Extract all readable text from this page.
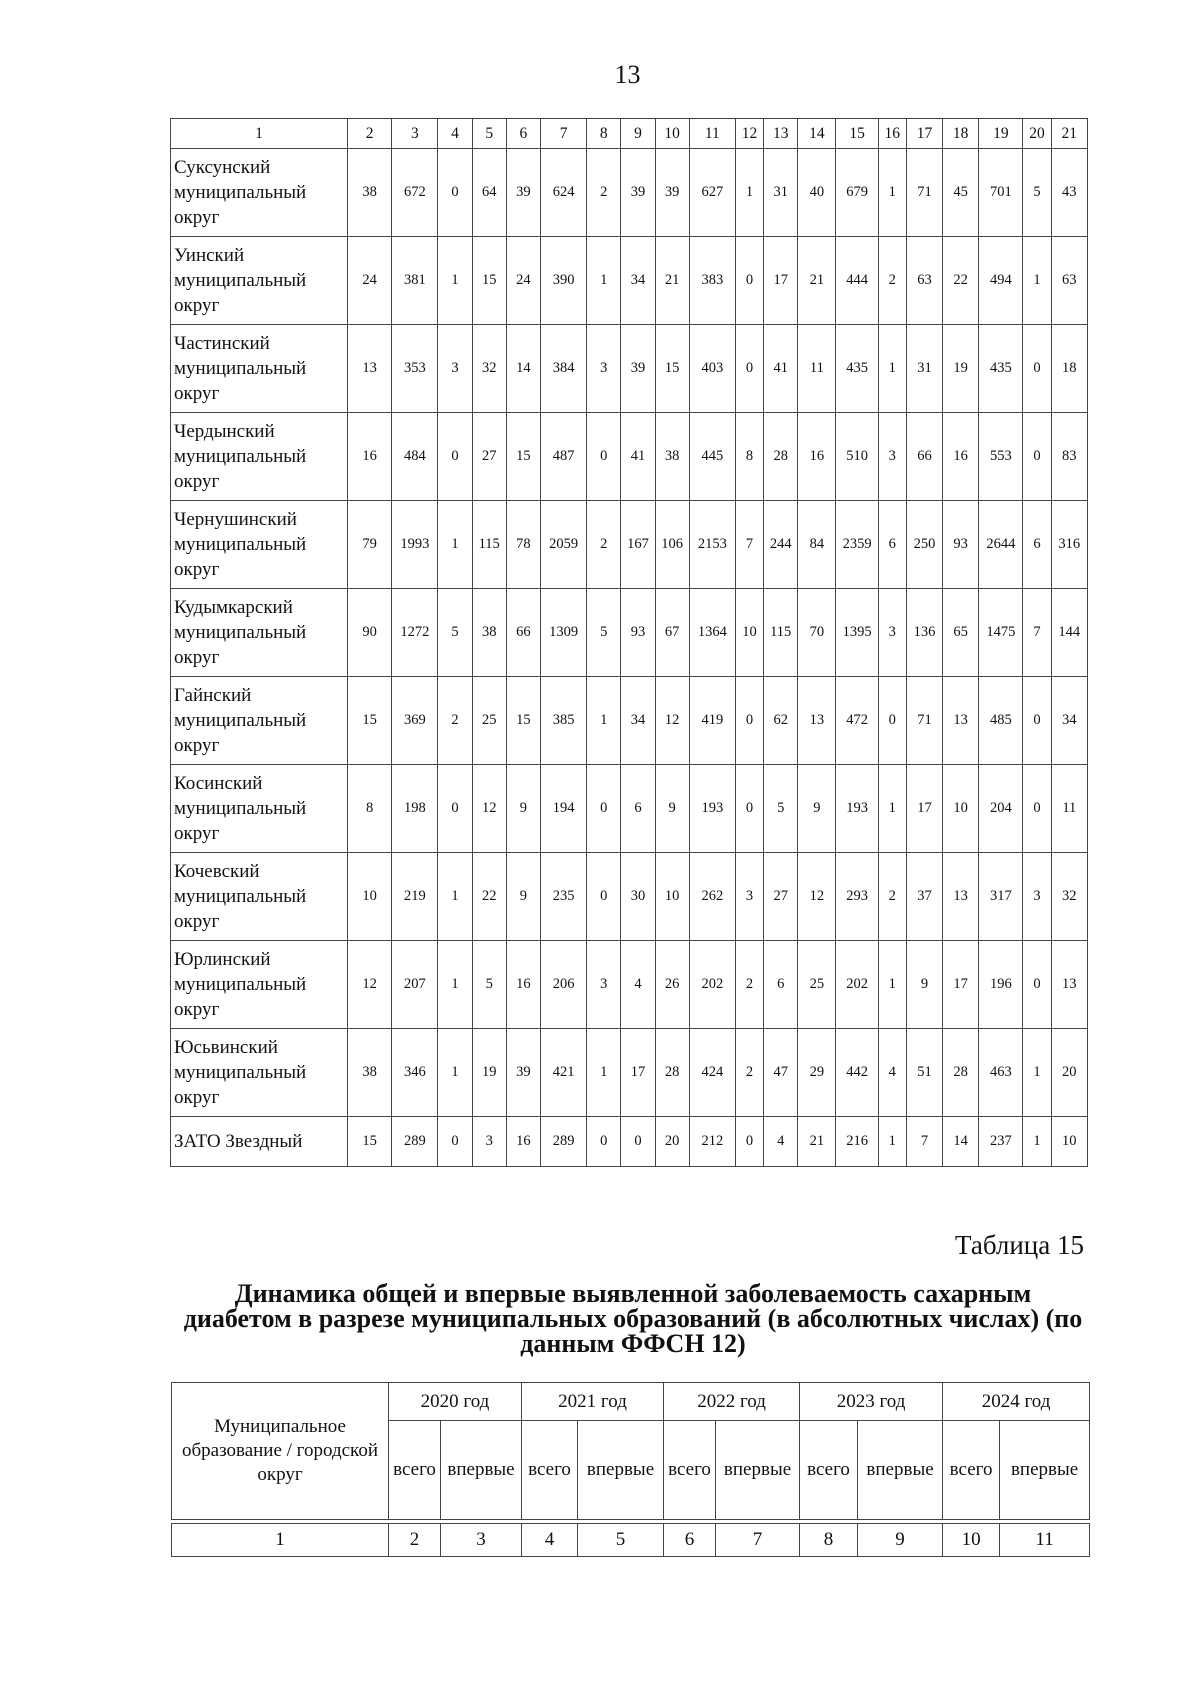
13
1	2	3	4	5	6	7	8	9	10	11	12	13	14	15	16	17	18	19	20	21
Суксунский муниципальный округ	38	672	0	64	39	624	2	39	39	627	1	31	40	679	1	71	45	701	5	43
Уинский муниципальный округ	24	381	1	15	24	390	1	34	21	383	0	17	21	444	2	63	22	494	1	63
Частинский муниципальный округ	13	353	3	32	14	384	3	39	15	403	0	41	11	435	1	31	19	435	0	18
Чердынский муниципальный округ	16	484	0	27	15	487	0	41	38	445	8	28	16	510	3	66	16	553	0	83
Чернушинский муниципальный округ	79	1993	1	115	78	2059	2	167	106	2153	7	244	84	2359	6	250	93	2644	6	316
Кудымкарский муниципальный округ	90	1272	5	38	66	1309	5	93	67	1364	10	115	70	1395	3	136	65	1475	7	144
Гайнский муниципальный округ	15	369	2	25	15	385	1	34	12	419	0	62	13	472	0	71	13	485	0	34
Косинский муниципальный округ	8	198	0	12	9	194	0	6	9	193	0	5	9	193	1	17	10	204	0	11
Кочевский муниципальный округ	10	219	1	22	9	235	0	30	10	262	3	27	12	293	2	37	13	317	3	32
Юрлинский муниципальный округ	12	207	1	5	16	206	3	4	26	202	2	6	25	202	1	9	17	196	0	13
Юсьвинский муниципальный округ	38	346	1	19	39	421	1	17	28	424	2	47	29	442	4	51	28	463	1	20
ЗАТО Звездный	15	289	0	3	16	289	0	0	20	212	0	4	21	216	1	7	14	237	1	10
Таблица 15
Динамика общей и впервые выявленной заболеваемость сахарным диабетом в разрезе муниципальных образований (в абсолютных числах) (по данным ФФСН 12)
Муниципальное образование / городской округ	2020 год		2021 год		2022 год		2023 год		2024 год	
	всего	впервые	всего	впервые	всего	впервые	всего	впервые	всего	впервые

1	2	3	4	5	6	7	8	9	10	11
